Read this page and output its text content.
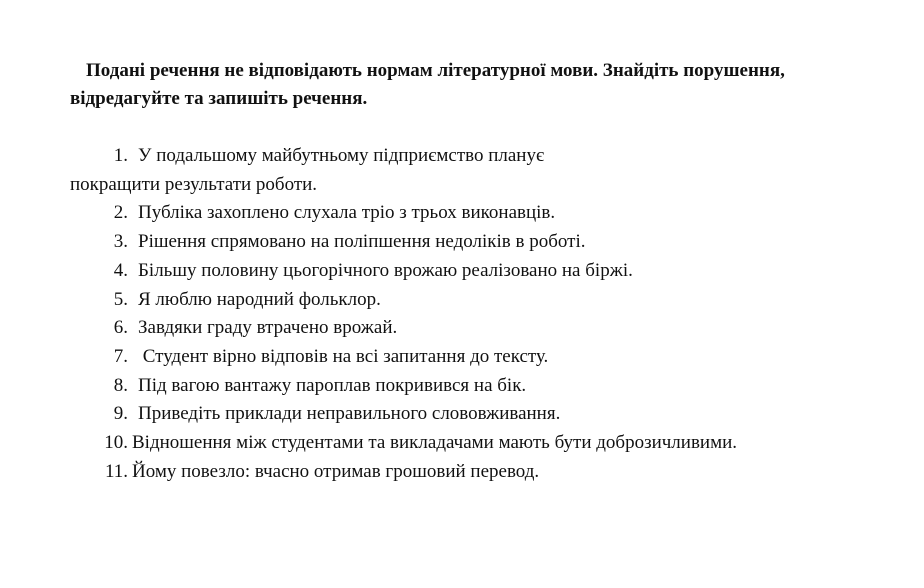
Подані речення не відповідають нормам літературної мови. Знайдіть порушення, відредагуйте та запишіть речення.

1. У подальшому майбутньому підприємство планує
покращити результати роботи.
2. Публіка захоплено слухала тріо з трьох виконавців.
3. Рішення спрямовано на поліпшення недоліків в роботі.
4. Більшу половину цьогорічного врожаю реалізовано на біржі.
5. Я люблю народний фольклор.
6. Завдяки граду втрачено врожай.
7. Студент вірно відповів на всі запитання до тексту.
8. Під вагою вантажу пароплав покривився на бік.
9. Приведіть приклади неправильного слововживання.
10. Відношення між студентами та викладачами мають бути доброзичливими.
11. Йому повезло: вчасно отримав грошовий перевод.
